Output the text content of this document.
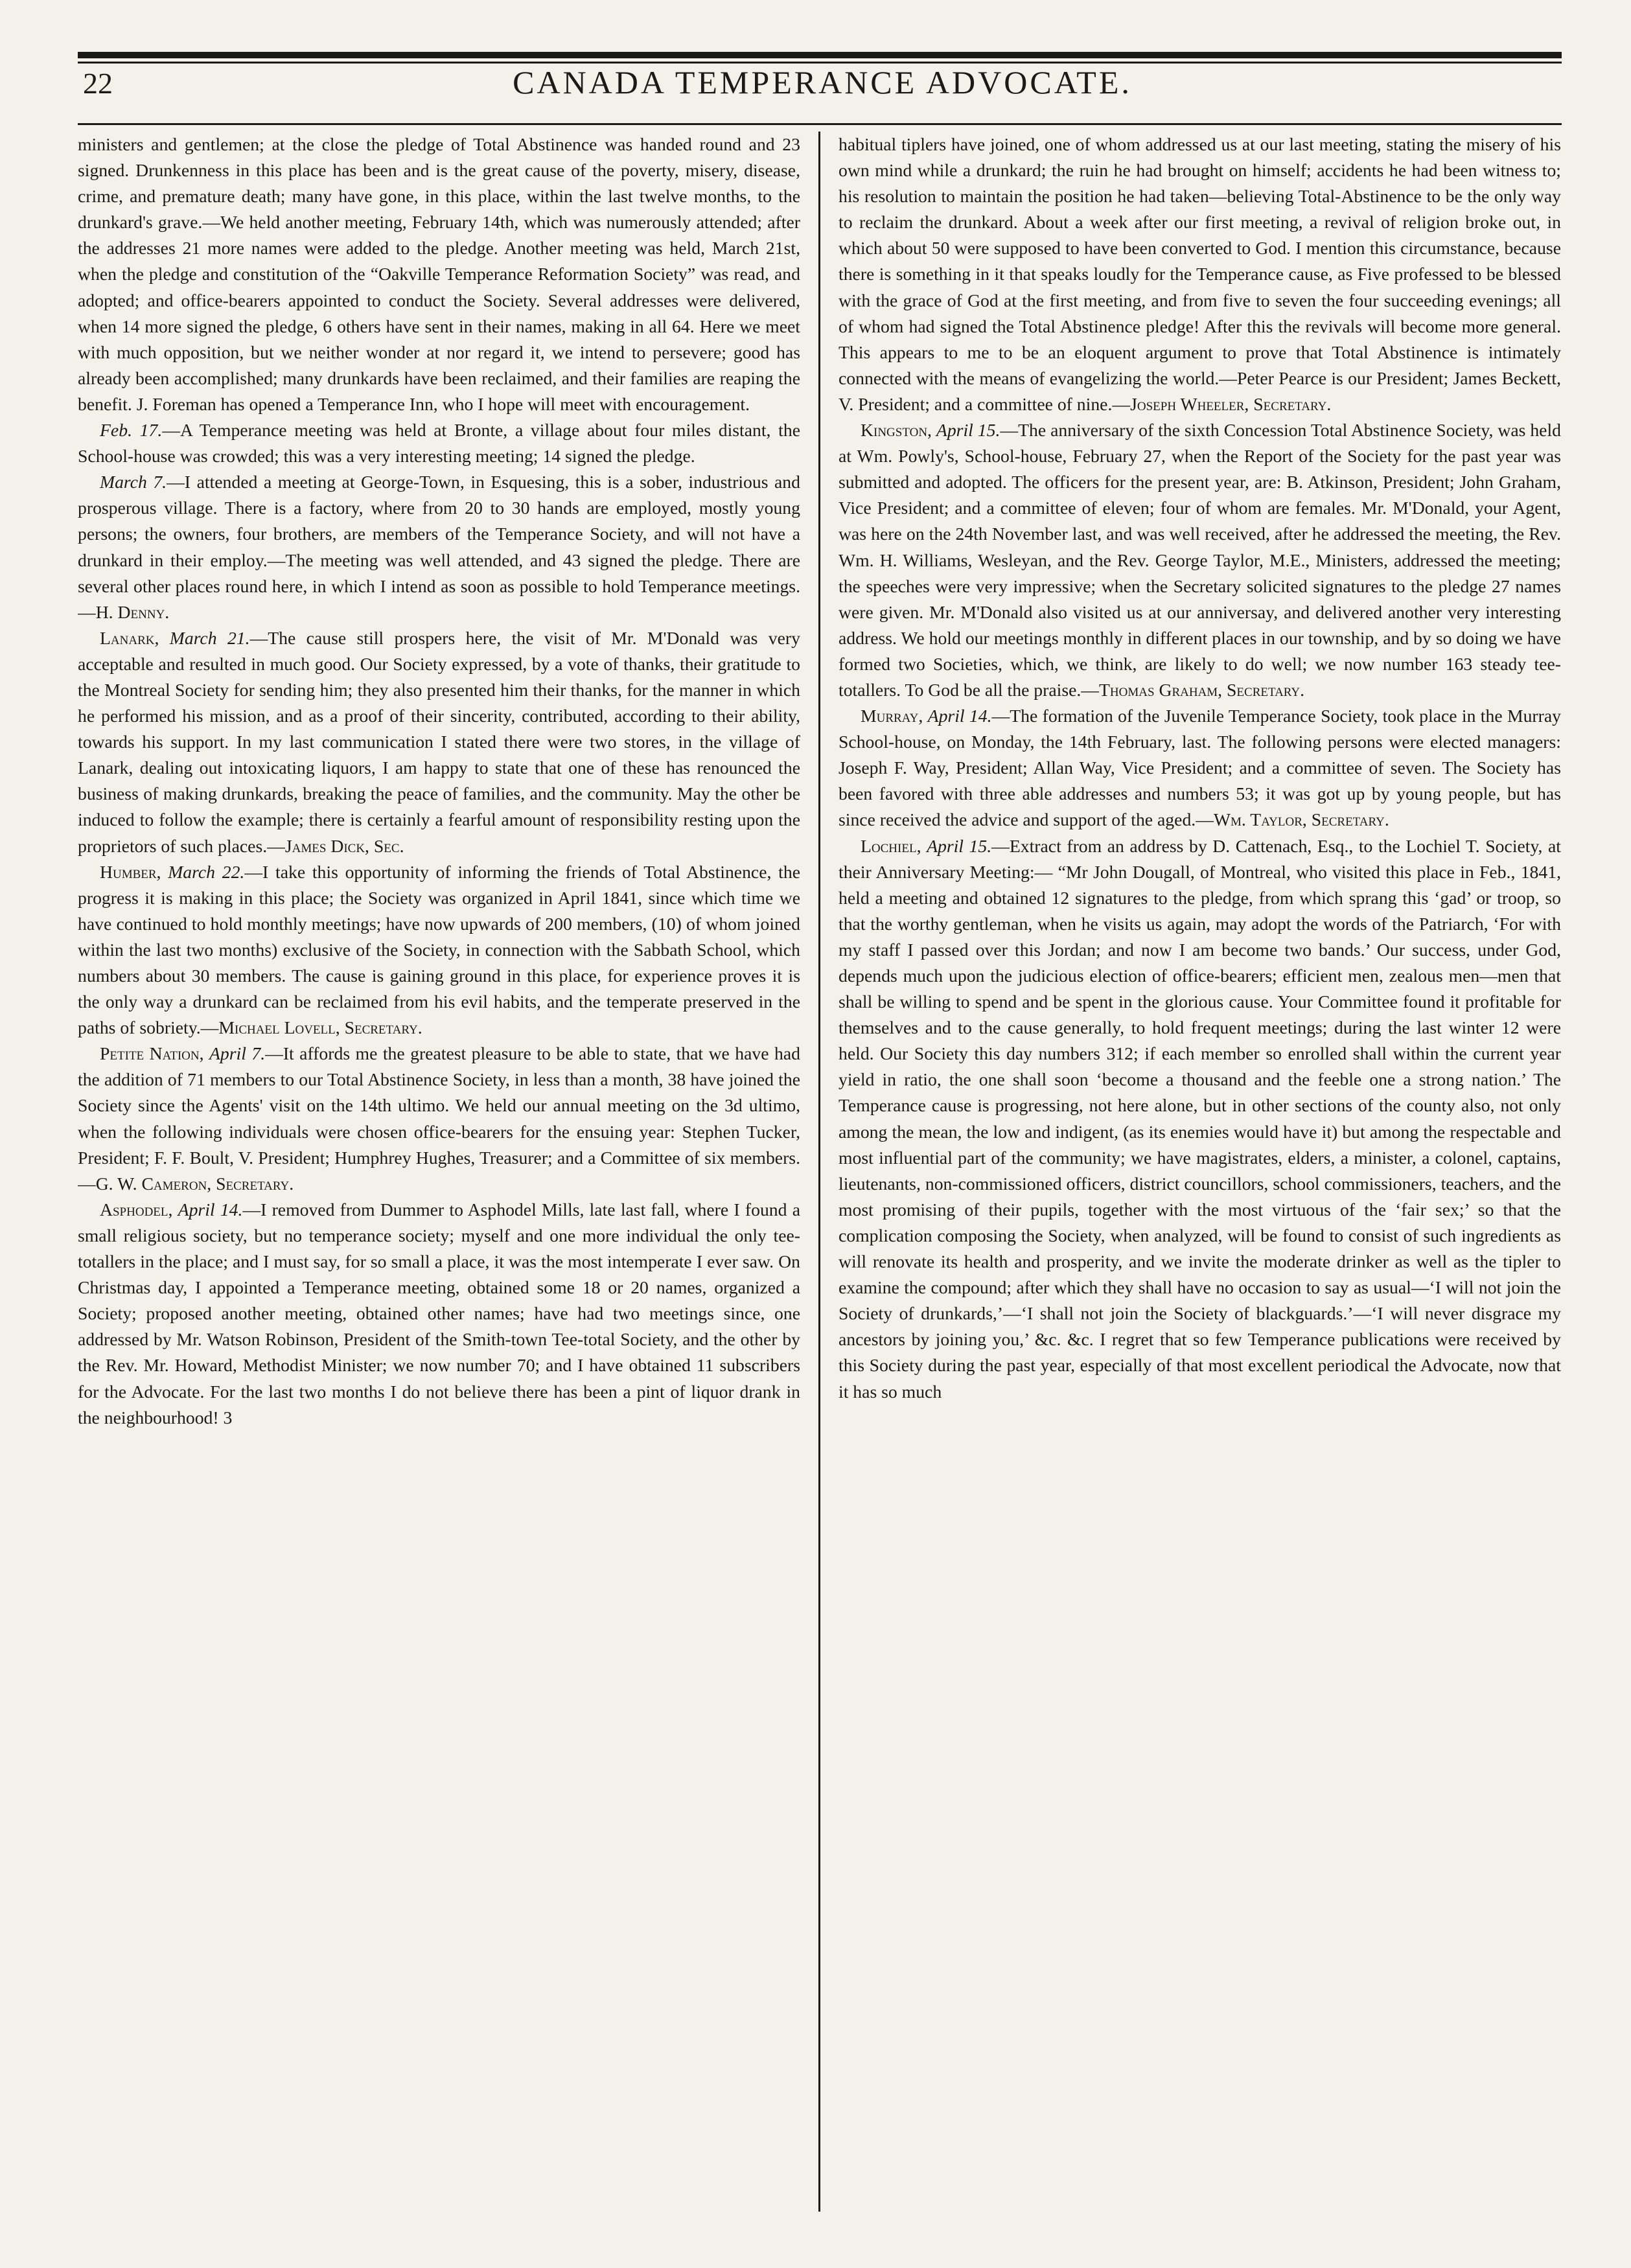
22	CANADA TEMPERANCE ADVOCATE.

ministers and gentlemen; at the close the pledge of Total Abstinence was handed round and 23 signed. Drunkenness in this place has been and is the great cause of the poverty, misery, disease, crime, and premature death; many have gone, in this place, within the last twelve months, to the drunkard's grave.—We held another meeting, February 14th, which was numerously attended; after the addresses 21 more names were added to the pledge. Another meeting was held, March 21st, when the pledge and constitution of the “Oakville Temperance Reformation Society” was read, and adopted; and office-bearers appointed to conduct the Society. Several addresses were delivered, when 14 more signed the pledge, 6 others have sent in their names, making in all 64. Here we meet with much opposition, but we neither wonder at nor regard it, we intend to persevere; good has already been accomplished; many drunkards have been reclaimed, and their families are reaping the benefit. J. Foreman has opened a Temperance Inn, who I hope will meet with encouragement.

Feb. 17.—A Temperance meeting was held at Bronte, a village about four miles distant, the School-house was crowded; this was a very interesting meeting; 14 signed the pledge.

March 7.—I attended a meeting at George-Town, in Esquesing, this is a sober, industrious and prosperous village. There is a factory, where from 20 to 30 hands are employed, mostly young persons; the owners, four brothers, are members of the Temperance Society, and will not have a drunkard in their employ.—The meeting was well attended, and 43 signed the pledge. There are several other places round here, in which I intend as soon as possible to hold Temperance meetings.—H. Denny.

Lanark, March 21.—The cause still prospers here, the visit of Mr. M'Donald was very acceptable and resulted in much good. Our Society expressed, by a vote of thanks, their gratitude to the Montreal Society for sending him; they also presented him their thanks, for the manner in which he performed his mission, and as a proof of their sincerity, contributed, according to their ability, towards his support. In my last communication I stated there were two stores, in the village of Lanark, dealing out intoxicating liquors, I am happy to state that one of these has renounced the business of making drunkards, breaking the peace of families, and the community. May the other be induced to follow the example; there is certainly a fearful amount of responsibility resting upon the proprietors of such places.—James Dick, Sec.

Humber, March 22.—I take this opportunity of informing the friends of Total Abstinence, the progress it is making in this place; the Society was organized in April 1841, since which time we have continued to hold monthly meetings; have now upwards of 200 members, (10) of whom joined within the last two months) exclusive of the Society, in connection with the Sabbath School, which numbers about 30 members. The cause is gaining ground in this place, for experience proves it is the only way a drunkard can be reclaimed from his evil habits, and the temperate preserved in the paths of sobriety.—Michael Lovell, Secretary.

Petite Nation, April 7.—It affords me the greatest pleasure to be able to state, that we have had the addition of 71 members to our Total Abstinence Society, in less than a month, 38 have joined the Society since the Agents' visit on the 14th ultimo. We held our annual meeting on the 3d ultimo, when the following individuals were chosen office-bearers for the ensuing year: Stephen Tucker, President; F. F. Boult, V. President; Humphrey Hughes, Treasurer; and a Committee of six members.—G. W. Cameron, Secretary.

Asphodel, April 14.—I removed from Dummer to Asphodel Mills, late last fall, where I found a small religious society, but no temperance society; myself and one more individual the only tee-totallers in the place; and I must say, for so small a place, it was the most intemperate I ever saw. On Christmas day, I appointed a Temperance meeting, obtained some 18 or 20 names, organized a Society; proposed another meeting, obtained other names; have had two meetings since, one addressed by Mr. Watson Robinson, President of the Smith-town Tee-total Society, and the other by the Rev. Mr. Howard, Methodist Minister; we now number 70; and I have obtained 11 subscribers for the Advocate. For the last two months I do not believe there has been a pint of liquor drank in the neighbourhood! 3

habitual tiplers have joined, one of whom addressed us at our last meeting, stating the misery of his own mind while a drunkard; the ruin he had brought on himself; accidents he had been witness to; his resolution to maintain the position he had taken—believing Total-Abstinence to be the only way to reclaim the drunkard. About a week after our first meeting, a revival of religion broke out, in which about 50 were supposed to have been converted to God. I mention this circumstance, because there is something in it that speaks loudly for the Temperance cause, as Five professed to be blessed with the grace of God at the first meeting, and from five to seven the four succeeding evenings; all of whom had signed the Total Abstinence pledge! After this the revivals will become more general. This appears to me to be an eloquent argument to prove that Total Abstinence is intimately connected with the means of evangelizing the world.—Peter Pearce is our President; James Beckett, V. President; and a committee of nine.—Joseph Wheeler, Secretary.

Kingston, April 15.—The anniversary of the sixth Concession Total Abstinence Society, was held at Wm. Powly's, School-house, February 27, when the Report of the Society for the past year was submitted and adopted. The officers for the present year, are: B. Atkinson, President; John Graham, Vice President; and a committee of eleven; four of whom are females. Mr. M'Donald, your Agent, was here on the 24th November last, and was well received, after he addressed the meeting, the Rev. Wm. H. Williams, Wesleyan, and the Rev. George Taylor, M.E., Ministers, addressed the meeting; the speeches were very impressive; when the Secretary solicited signatures to the pledge 27 names were given. Mr. M'Donald also visited us at our anniversay, and delivered another very interesting address. We hold our meetings monthly in different places in our township, and by so doing we have formed two Societies, which, we think, are likely to do well; we now number 163 steady tee-totallers. To God be all the praise.—Thomas Graham, Secretary.

Murray, April 14.—The formation of the Juvenile Temperance Society, took place in the Murray School-house, on Monday, the 14th February, last. The following persons were elected managers: Joseph F. Way, President; Allan Way, Vice President; and a committee of seven. The Society has been favored with three able addresses and numbers 53; it was got up by young people, but has since received the advice and support of the aged.—Wm. Taylor, Secretary.

Lochiel, April 15.—Extract from an address by D. Cattenach, Esq., to the Lochiel T. Society, at their Anniversary Meeting:— “Mr John Dougall, of Montreal, who visited this place in Feb., 1841, held a meeting and obtained 12 signatures to the pledge, from which sprang this ‘gad’ or troop, so that the worthy gentleman, when he visits us again, may adopt the words of the Patriarch, ‘For with my staff I passed over this Jordan; and now I am become two bands.’ Our success, under God, depends much upon the judicious election of office-bearers; efficient men, zealous men—men that shall be willing to spend and be spent in the glorious cause. Your Committee found it profitable for themselves and to the cause generally, to hold frequent meetings; during the last winter 12 were held. Our Society this day numbers 312; if each member so enrolled shall within the current year yield in ratio, the one shall soon ‘become a thousand and the feeble one a strong nation.’ The Temperance cause is progressing, not here alone, but in other sections of the county also, not only among the mean, the low and indigent, (as its enemies would have it) but among the respectable and most influential part of the community; we have magistrates, elders, a minister, a colonel, captains, lieutenants, non-commissioned officers, district councillors, school commissioners, teachers, and the most promising of their pupils, together with the most virtuous of the ‘fair sex;’ so that the complication composing the Society, when analyzed, will be found to consist of such ingredients as will renovate its health and prosperity, and we invite the moderate drinker as well as the tipler to examine the compound; after which they shall have no occasion to say as usual—‘I will not join the Society of drunkards,’—‘I shall not join the Society of blackguards.’—‘I will never disgrace my ancestors by joining you,’ &c. &c. I regret that so few Temperance publications were received by this Society during the past year, especially of that most excellent periodical the Advocate, now that it has so much
